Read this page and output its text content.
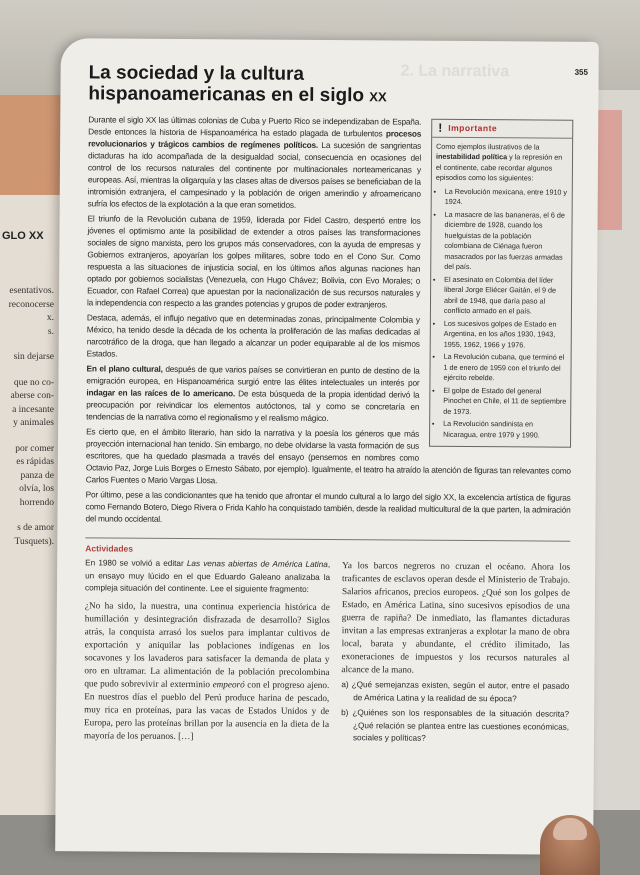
GLO XX
esentativos.
reconocerse
x.
s.
sin dejarse
que no co-
aberse con-
a incesante
y animales
por comer
es rápidas
panza de
olvía, los
horrendo
s de amor
Tusquets).
2. La narrativa	355
La sociedad y la cultura
hispanoamericanas en el siglo XX
! Importante
Como ejemplos ilustrativos de la inestabilidad política y la represión en el continente, cabe recordar algunos episodios como los siguientes:
• La Revolución mexicana, entre 1910 y 1924.
• La masacre de las bananeras, el 6 de diciembre de 1928, cuando los huelguistas de la población colombiana de Ciénaga fueron masacrados por las fuerzas armadas del país.
• El asesinato en Colombia del líder liberal Jorge Eliécer Gaitán, el 9 de abril de 1948, que daría paso al conflicto armado en el país.
• Los sucesivos golpes de Estado en Argentina, en los años 1930, 1943, 1955, 1962, 1966 y 1976.
• La Revolución cubana, que terminó el 1 de enero de 1959 con el triunfo del ejército rebelde.
• El golpe de Estado del general Pinochet en Chile, el 11 de septiembre de 1973.
• La Revolución sandinista en Nicaragua, entre 1979 y 1990.

Durante el siglo XX las últimas colonias de Cuba y Puerto Rico se independizaban de España. Desde entonces la historia de Hispanoamérica ha estado plagada de turbulentos procesos revolucionarios y trágicos cambios de regímenes políticos. La sucesión de sangrientas dictaduras ha ido acompañada de la desigualdad social, consecuencia en ocasiones del control de los recursos naturales del continente por multinacionales norteamericanas y europeas. Así, mientras la oligarquía y las clases altas de diversos países se beneficiaban de la intromisión extranjera, el campesinado y la población de origen amerindio y afroamericano sufría los efectos de la explotación a la que eran sometidos.

El triunfo de la Revolución cubana de 1959, liderada por Fidel Castro, despertó entre los jóvenes el optimismo ante la posibilidad de extender a otros países las transformaciones sociales de signo marxista, pero los grupos más conservadores, con la ayuda de empresas y Gobiernos extranjeros, apoyarían los golpes militares, sobre todo en el Cono Sur. Como respuesta a las situaciones de injusticia social, en los últimos años algunas naciones han optado por gobiernos socialistas (Venezuela, con Hugo Chávez; Bolivia, con Evo Morales; o Ecuador, con Rafael Correa) que apuestan por la nacionalización de sus recursos naturales y la independencia con respecto a las grandes potencias y grupos de poder extranjeros.

Destaca, además, el influjo negativo que en determinadas zonas, principalmente Colombia y México, ha tenido desde la década de los ochenta la proliferación de las mafias dedicadas al narcotráfico de la droga, que han llegado a alcanzar un poder equiparable al de los mismos Estados.

En el plano cultural, después de que varios países se convirtieran en punto de destino de la emigración europea, en Hispanoamérica surgió entre las élites intelectuales un interés por indagar en las raíces de lo americano. De esta búsqueda de la propia identidad derivó la preocupación por reivindicar los elementos autóctonos, tal y como se concretaría en tendencias de la narrativa como el regionalismo y el realismo mágico.

Es cierto que, en el ámbito literario, han sido la narrativa y la poesía los géneros que más proyección internacional han tenido. Sin embargo, no debe olvidarse la vasta formación de sus escritores, que ha quedado plasmada a través del ensayo (pensemos en nombres como Octavio Paz, Jorge Luis Borges o Ernesto Sábato, por ejemplo). Igualmente, el teatro ha atraído la atención de figuras tan relevantes como Carlos Fuentes o Mario Vargas Llosa.

Por último, pese a las condicionantes que ha tenido que afrontar el mundo cultural a lo largo del siglo XX, la excelencia artística de figuras como Fernando Botero, Diego Rivera o Frida Kahlo ha conquistado también, desde la realidad multicultural de la que parten, la admiración del mundo occidental.

Actividades

En 1980 se volvió a editar Las venas abiertas de América Latina, un ensayo muy lúcido en el que Eduardo Galeano analizaba la compleja situación del continente. Lee el siguiente fragmento:

¿No ha sido, la nuestra, una continua experiencia histórica de humillación y desintegración disfrazada de desarrollo? Siglos atrás, la conquista arrasó los suelos para implantar cultivos de exportación y aniquilar las poblaciones indígenas en los socavones y los lavaderos para satisfacer la demanda de plata y oro en ultramar. La alimentación de la población precolombina que pudo sobrevivir al exterminio empeoró con el progreso ajeno. En nuestros días el pueblo del Perú produce harina de pescado, muy rica en proteínas, para las vacas de Estados Unidos y de Europa, pero las proteínas brillan por la ausencia en la dieta de la mayoría de los peruanos. […]

Ya los barcos negreros no cruzan el océano. Ahora los traficantes de esclavos operan desde el Ministerio de Trabajo. Salarios africanos, precios europeos. ¿Qué son los golpes de Estado, en América Latina, sino sucesivos episodios de una guerra de rapiña? De inmediato, las flamantes dictaduras invitan a las empresas extranjeras a explotar la mano de obra local, barata y abundante, el crédito ilimitado, las exoneraciones de impuestos y los recursos naturales al alcance de la mano.

a) ¿Qué semejanzas existen, según el autor, entre el pasado de América Latina y la realidad de su época?

b) ¿Quiénes son los responsables de la situación descrita? ¿Qué relación se plantea entre las cuestiones económicas, sociales y políticas?
